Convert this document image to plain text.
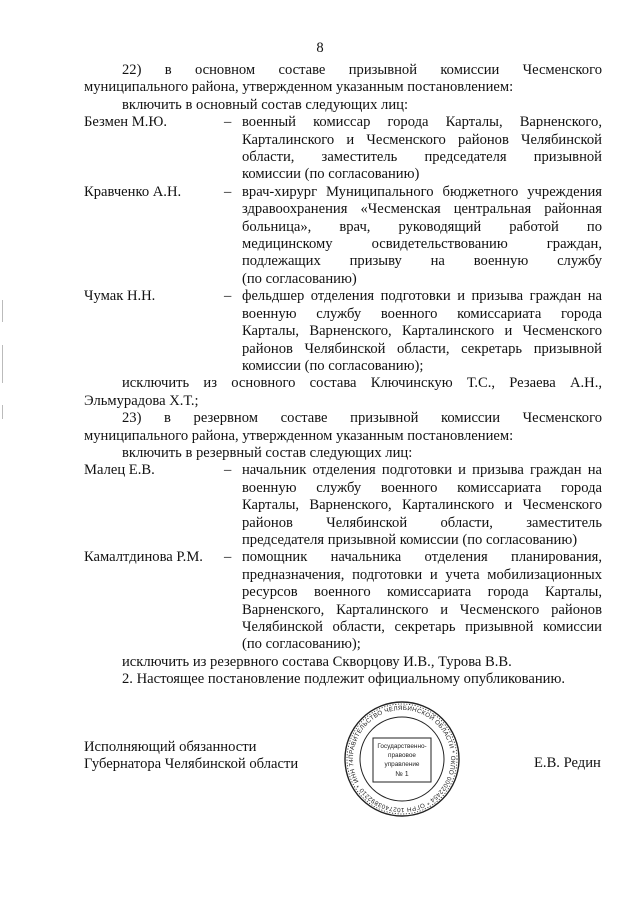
8

22) в основном составе призывной комиссии Чесменского

муниципального района, утвержденном указанным постановлением:

включить в основный состав следующих лиц:

Безмен М.Ю.	– военный комиссар города Карталы, Варненского,

Карталинского и Чесменского районов Челябинской

области, заместитель председателя призывной

комиссии (по согласованию)

Кравченко А.Н.	– врач-хирург Муниципального бюджетного учреждения

здравоохранения «Чесменская центральная районная

больница», врач, руководящий работой по

медицинскому освидетельствованию граждан,

подлежащих призыву на военную службу

(по согласованию)

Чумак Н.Н.	– фельдшер отделения подготовки и призыва граждан на

военную службу военного комиссариата города

Карталы, Варненского, Карталинского и Чесменского

районов Челябинской области, секретарь призывной

комиссии (по согласованию);

исключить из основного состава Ключинскую Т.С., Резаева А.Н.,

Эльмурадова Х.Т.;

23) в резервном составе призывной комиссии Чесменского

муниципального района, утвержденном указанным постановлением:

включить в резервный состав следующих лиц:

Малец Е.В.	– начальник отделения подготовки и призыва граждан на

военную службу военного комиссариата города

Карталы, Варненского, Карталинского и Чесменского

районов Челябинской области, заместитель

председателя призывной комиссии (по согласованию)

Камалтдинова Р.М.	– помощник начальника отделения планирования,

предназначения, подготовки и учета мобилизационных

ресурсов военного комиссариата города Карталы,

Варненского, Карталинского и Чесменского районов

Челябинской области, секретарь призывной комиссии

(по согласованию);

исключить из резервного состава Скворцову И.В., Турова В.В.

2. Настоящее постановление подлежит официальному опубликованию.

Исполняющий обязанности

Губернатора Челябинской области	Е.В. Редин
ПРАВИТЕЛЬСТВО ЧЕЛЯБИНСКОЙ ОБЛАСТИ * ОКПО 00022454 * ОГРН 1027403892210 * ИНН 74
Государственно-
правовое
управление
№ 1
